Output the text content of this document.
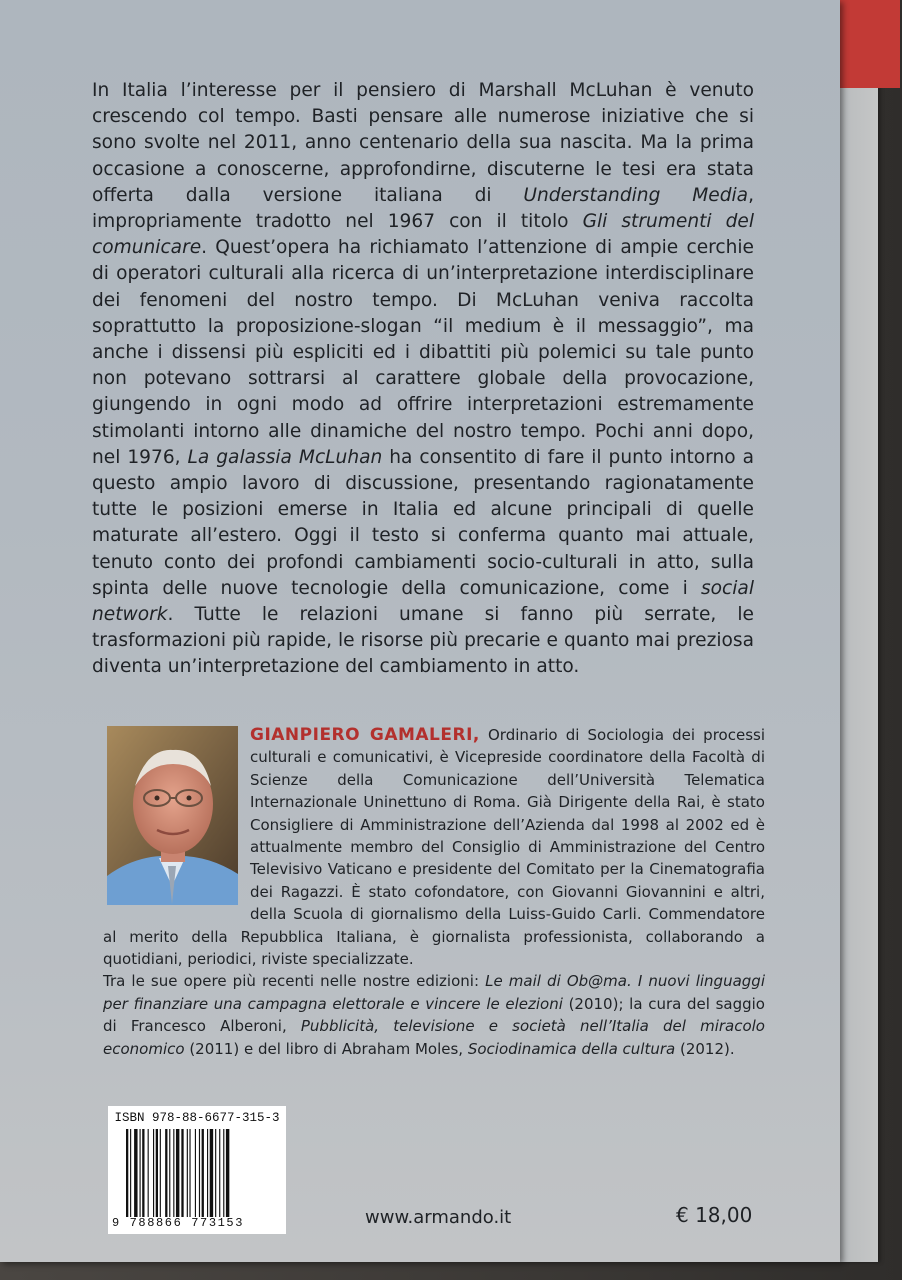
In Italia l’interesse per il pensiero di Marshall McLuhan è venuto crescendo col tempo. Basti pensare alle numerose iniziative che si sono svolte nel 2011, anno centenario della sua nascita. Ma la prima occasione a conoscerne, approfondirne, discuterne le tesi era stata offerta dalla versione italiana di Understanding Media, impropriamente tradotto nel 1967 con il titolo Gli strumenti del comunicare. Quest’opera ha richiamato l’attenzione di ampie cerchie di operatori culturali alla ricerca di un’interpretazione interdisciplinare dei fenomeni del nostro tempo. Di McLuhan veniva raccolta soprattutto la proposizione-slogan “il medium è il messaggio”, ma anche i dissensi più espliciti ed i dibattiti più polemici su tale punto non potevano sottrarsi al carattere globale della provocazione, giungendo in ogni modo ad offrire interpretazioni estremamente stimolanti intorno alle dinamiche del nostro tempo. Pochi anni dopo, nel 1976, La galassia McLuhan ha consentito di fare il punto intorno a questo ampio lavoro di discussione, presentando ragionatamente tutte le posizioni emerse in Italia ed alcune principali di quelle maturate all’estero. Oggi il testo si conferma quanto mai attuale, tenuto conto dei profondi cambiamenti socio-culturali in atto, sulla spinta delle nuove tecnologie della comunicazione, come i social network. Tutte le relazioni umane si fanno più serrate, le trasformazioni più rapide, le risorse più precarie e quanto mai preziosa diventa un’interpretazione del cambiamento in atto.

GIANPIERO GAMALERI, Ordinario di Sociologia dei processi culturali e comunicativi, è Vicepreside coordinatore della Facoltà di Scienze della Comunicazione dell’Università Telematica Internazionale Uninettuno di Roma. Già Dirigente della Rai, è stato Consigliere di Amministrazione dell’Azienda dal 1998 al 2002 ed è attualmente membro del Consiglio di Amministrazione del Centro Televisivo Vaticano e presidente del Comitato per la Cinematografia dei Ragazzi. È stato cofondatore, con Giovanni Giovannini e altri, della Scuola di giornalismo della Luiss-Guido Carli. Commendatore al merito della Repubblica Italiana, è giornalista professionista, collaborando a quotidiani, periodici, riviste specializzate.

Tra le sue opere più recenti nelle nostre edizioni: Le mail di Ob@ma. I nuovi linguaggi per finanziare una campagna elettorale e vincere le elezioni (2010); la cura del saggio di Francesco Alberoni, Pubblicità, televisione e società nell’Italia del miracolo economico (2011) e del libro di Abraham Moles, Sociodinamica della cultura (2012).

ISBN 978-88-6677-315-3
9 788866 773153	www.armando.it	€ 18,00
